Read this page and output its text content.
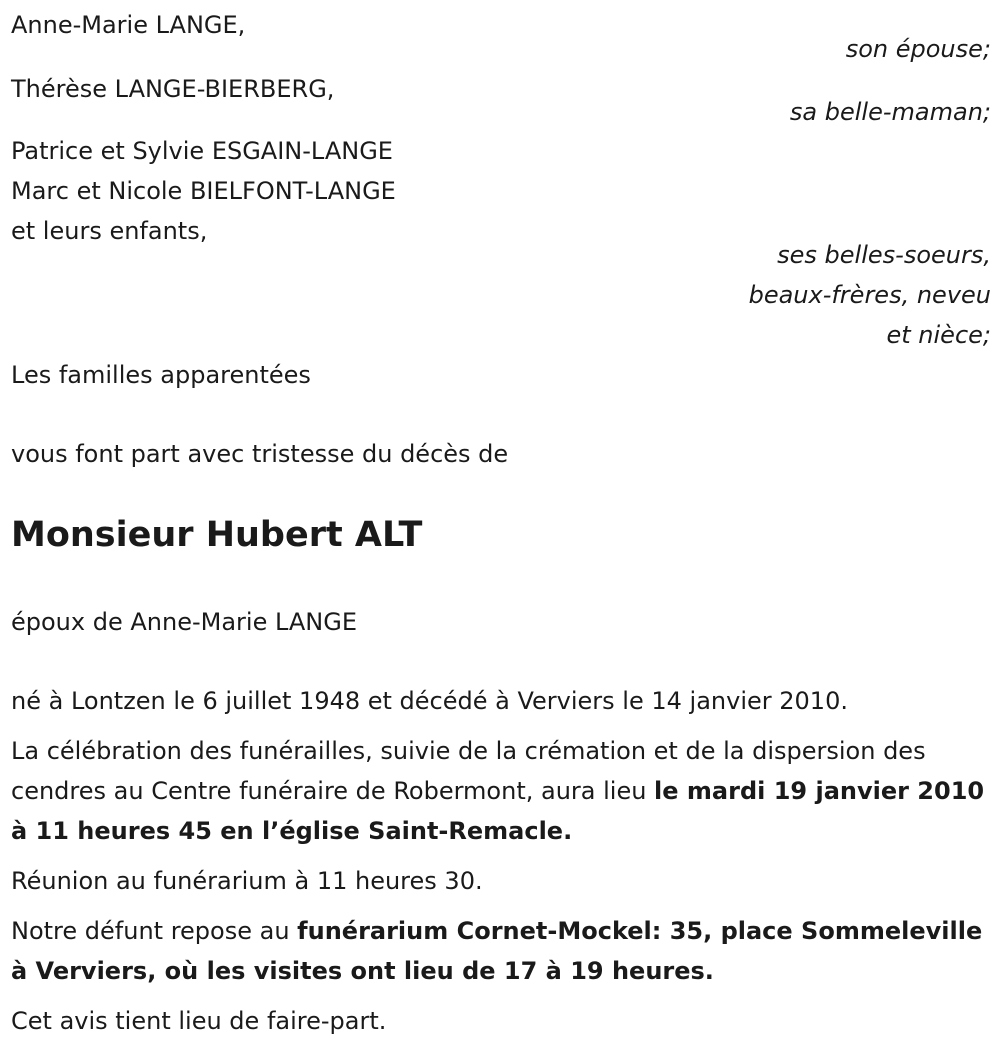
Anne-Marie LANGE,
son épouse;
Thérèse LANGE-BIERBERG,
sa belle-maman;
Patrice et Sylvie ESGAIN-LANGE
Marc et Nicole BIELFONT-LANGE
et leurs enfants,
ses belles-soeurs,
beaux-frères, neveu
et nièce;
Les familles apparentées
vous font part avec tristesse du décès de
Monsieur Hubert ALT
époux de Anne-Marie LANGE
né à Lontzen le 6 juillet 1948 et décédé à Verviers le 14 janvier 2010.
La célébration des funérailles, suivie de la crémation et de la dispersion des cendres au Centre funéraire de Robermont, aura lieu le mardi 19 janvier 2010 à 11 heures 45 en l’église Saint-Remacle.
Réunion au funérarium à 11 heures 30.
Notre défunt repose au funérarium Cornet-Mockel: 35, place Sommeleville à Verviers, où les visites ont lieu de 17 à 19 heures.
Cet avis tient lieu de faire-part.
